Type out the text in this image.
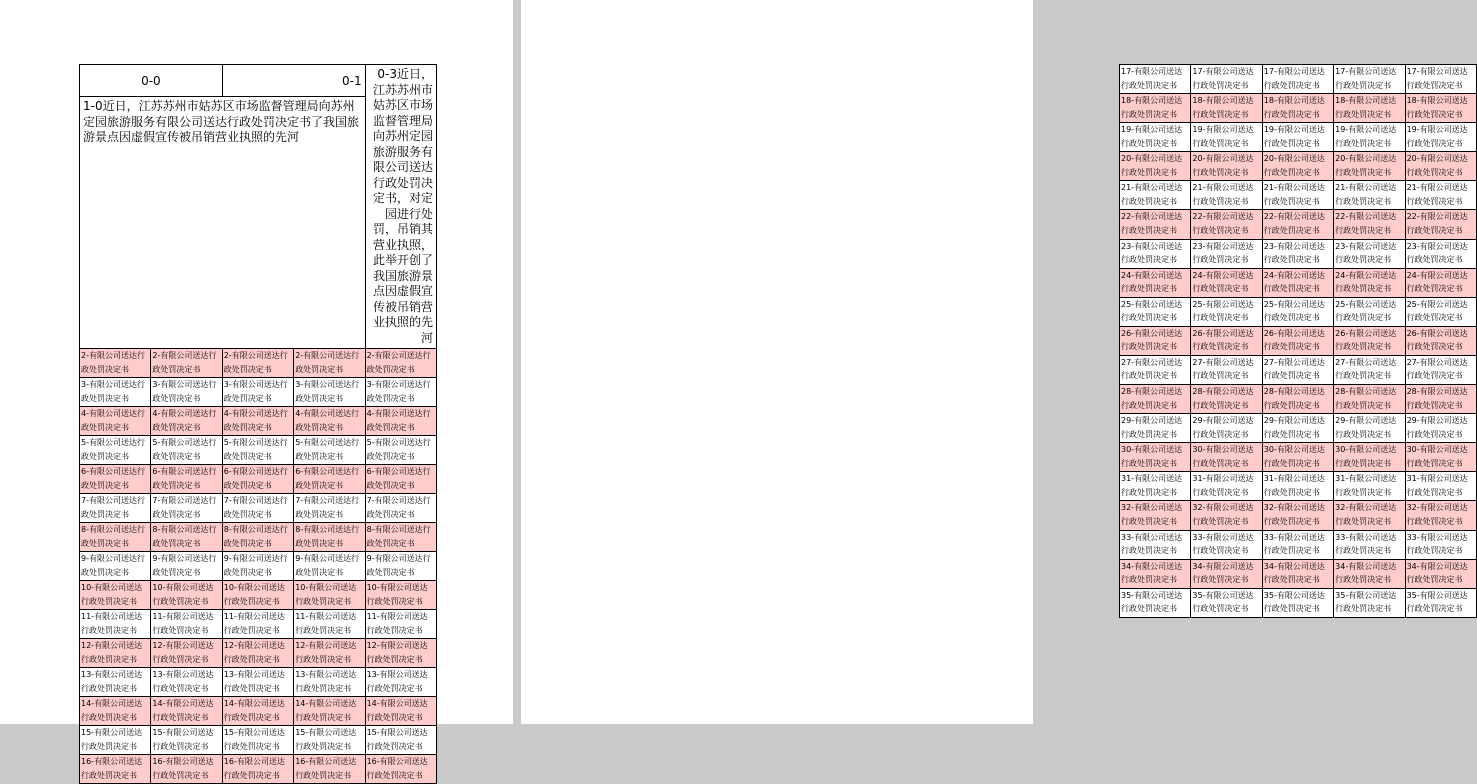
0-0		0-1		0-3近日，江苏苏州市姑苏区市场监督管理局向苏州定园旅游服务有限公司送达行政处罚决定书，对定园进行处罚，吊销其营业执照，此举开创了我国旅游景点因虚假宣传被吊销营业执照的先河
1-0近日，江苏苏州市姑苏区市场监督管理局向苏州定园旅游服务有限公司送达行政处罚决定书了我国旅游景点因虚假宣传被吊销营业执照的先河				
2-有限公司送达行政处罚决定书	2-有限公司送达行政处罚决定书	2-有限公司送达行政处罚决定书	2-有限公司送达行政处罚决定书	2-有限公司送达行政处罚决定书
3-有限公司送达行政处罚决定书	3-有限公司送达行政处罚决定书	3-有限公司送达行政处罚决定书	3-有限公司送达行政处罚决定书	3-有限公司送达行政处罚决定书
4-有限公司送达行政处罚决定书	4-有限公司送达行政处罚决定书	4-有限公司送达行政处罚决定书	4-有限公司送达行政处罚决定书	4-有限公司送达行政处罚决定书
5-有限公司送达行政处罚决定书	5-有限公司送达行政处罚决定书	5-有限公司送达行政处罚决定书	5-有限公司送达行政处罚决定书	5-有限公司送达行政处罚决定书
6-有限公司送达行政处罚决定书	6-有限公司送达行政处罚决定书	6-有限公司送达行政处罚决定书	6-有限公司送达行政处罚决定书	6-有限公司送达行政处罚决定书
7-有限公司送达行政处罚决定书	7-有限公司送达行政处罚决定书	7-有限公司送达行政处罚决定书	7-有限公司送达行政处罚决定书	7-有限公司送达行政处罚决定书
8-有限公司送达行政处罚决定书	8-有限公司送达行政处罚决定书	8-有限公司送达行政处罚决定书	8-有限公司送达行政处罚决定书	8-有限公司送达行政处罚决定书
9-有限公司送达行政处罚决定书	9-有限公司送达行政处罚决定书	9-有限公司送达行政处罚决定书	9-有限公司送达行政处罚决定书	9-有限公司送达行政处罚决定书
10-有限公司送达行政处罚决定书	10-有限公司送达行政处罚决定书	10-有限公司送达行政处罚决定书	10-有限公司送达行政处罚决定书	10-有限公司送达行政处罚决定书
11-有限公司送达行政处罚决定书	11-有限公司送达行政处罚决定书	11-有限公司送达行政处罚决定书	11-有限公司送达行政处罚决定书	11-有限公司送达行政处罚决定书
12-有限公司送达行政处罚决定书	12-有限公司送达行政处罚决定书	12-有限公司送达行政处罚决定书	12-有限公司送达行政处罚决定书	12-有限公司送达行政处罚决定书
13-有限公司送达行政处罚决定书	13-有限公司送达行政处罚决定书	13-有限公司送达行政处罚决定书	13-有限公司送达行政处罚决定书	13-有限公司送达行政处罚决定书
14-有限公司送达行政处罚决定书	14-有限公司送达行政处罚决定书	14-有限公司送达行政处罚决定书	14-有限公司送达行政处罚决定书	14-有限公司送达行政处罚决定书
15-有限公司送达行政处罚决定书	15-有限公司送达行政处罚决定书	15-有限公司送达行政处罚决定书	15-有限公司送达行政处罚决定书	15-有限公司送达行政处罚决定书
16-有限公司送达行政处罚决定书	16-有限公司送达行政处罚决定书	16-有限公司送达行政处罚决定书	16-有限公司送达行政处罚决定书	16-有限公司送达行政处罚决定书
17-有限公司送达行政处罚决定书	17-有限公司送达行政处罚决定书	17-有限公司送达行政处罚决定书	17-有限公司送达行政处罚决定书	17-有限公司送达行政处罚决定书
18-有限公司送达行政处罚决定书	18-有限公司送达行政处罚决定书	18-有限公司送达行政处罚决定书	18-有限公司送达行政处罚决定书	18-有限公司送达行政处罚决定书
19-有限公司送达行政处罚决定书	19-有限公司送达行政处罚决定书	19-有限公司送达行政处罚决定书	19-有限公司送达行政处罚决定书	19-有限公司送达行政处罚决定书
20-有限公司送达行政处罚决定书	20-有限公司送达行政处罚决定书	20-有限公司送达行政处罚决定书	20-有限公司送达行政处罚决定书	20-有限公司送达行政处罚决定书
21-有限公司送达行政处罚决定书	21-有限公司送达行政处罚决定书	21-有限公司送达行政处罚决定书	21-有限公司送达行政处罚决定书	21-有限公司送达行政处罚决定书
22-有限公司送达行政处罚决定书	22-有限公司送达行政处罚决定书	22-有限公司送达行政处罚决定书	22-有限公司送达行政处罚决定书	22-有限公司送达行政处罚决定书
23-有限公司送达行政处罚决定书	23-有限公司送达行政处罚决定书	23-有限公司送达行政处罚决定书	23-有限公司送达行政处罚决定书	23-有限公司送达行政处罚决定书
24-有限公司送达行政处罚决定书	24-有限公司送达行政处罚决定书	24-有限公司送达行政处罚决定书	24-有限公司送达行政处罚决定书	24-有限公司送达行政处罚决定书
25-有限公司送达行政处罚决定书	25-有限公司送达行政处罚决定书	25-有限公司送达行政处罚决定书	25-有限公司送达行政处罚决定书	25-有限公司送达行政处罚决定书
26-有限公司送达行政处罚决定书	26-有限公司送达行政处罚决定书	26-有限公司送达行政处罚决定书	26-有限公司送达行政处罚决定书	26-有限公司送达行政处罚决定书
27-有限公司送达行政处罚决定书	27-有限公司送达行政处罚决定书	27-有限公司送达行政处罚决定书	27-有限公司送达行政处罚决定书	27-有限公司送达行政处罚决定书
28-有限公司送达行政处罚决定书	28-有限公司送达行政处罚决定书	28-有限公司送达行政处罚决定书	28-有限公司送达行政处罚决定书	28-有限公司送达行政处罚决定书
29-有限公司送达行政处罚决定书	29-有限公司送达行政处罚决定书	29-有限公司送达行政处罚决定书	29-有限公司送达行政处罚决定书	29-有限公司送达行政处罚决定书
30-有限公司送达行政处罚决定书	30-有限公司送达行政处罚决定书	30-有限公司送达行政处罚决定书	30-有限公司送达行政处罚决定书	30-有限公司送达行政处罚决定书
31-有限公司送达行政处罚决定书	31-有限公司送达行政处罚决定书	31-有限公司送达行政处罚决定书	31-有限公司送达行政处罚决定书	31-有限公司送达行政处罚决定书
32-有限公司送达行政处罚决定书	32-有限公司送达行政处罚决定书	32-有限公司送达行政处罚决定书	32-有限公司送达行政处罚决定书	32-有限公司送达行政处罚决定书
33-有限公司送达行政处罚决定书	33-有限公司送达行政处罚决定书	33-有限公司送达行政处罚决定书	33-有限公司送达行政处罚决定书	33-有限公司送达行政处罚决定书
34-有限公司送达行政处罚决定书	34-有限公司送达行政处罚决定书	34-有限公司送达行政处罚决定书	34-有限公司送达行政处罚决定书	34-有限公司送达行政处罚决定书
35-有限公司送达行政处罚决定书	35-有限公司送达行政处罚决定书	35-有限公司送达行政处罚决定书	35-有限公司送达行政处罚决定书	35-有限公司送达行政处罚决定书
